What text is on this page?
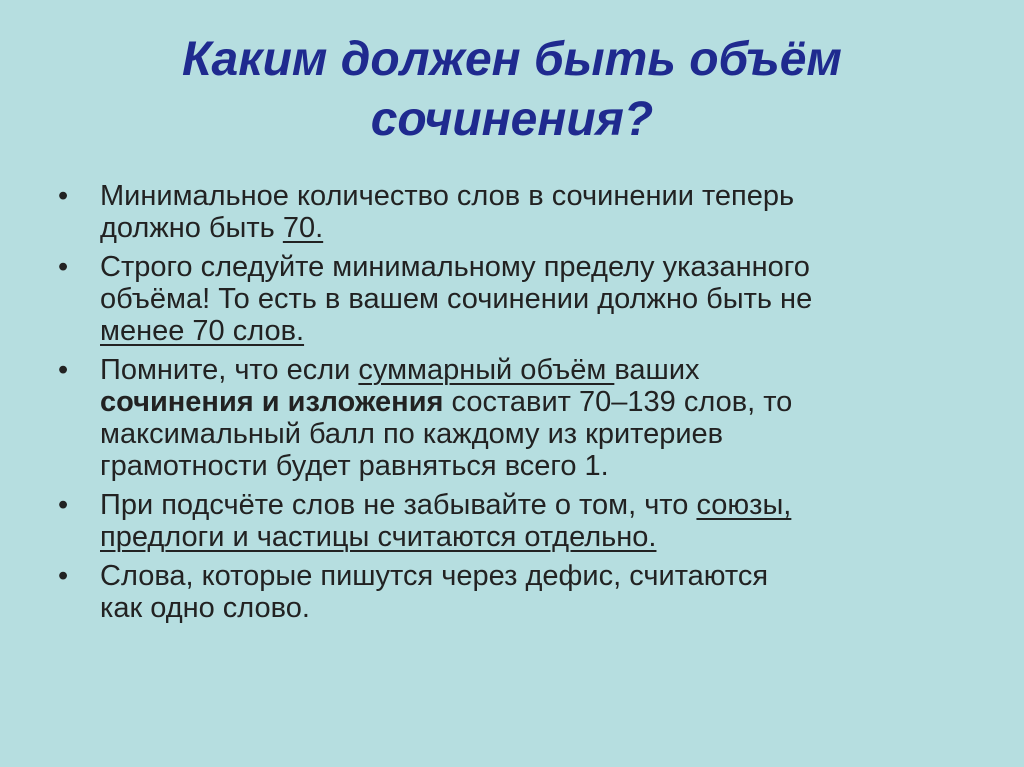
Каким должен быть объём
сочинения?
•	Минимальное количество слов в сочинении теперь
должно быть 70.
•	Строго следуйте минимальному пределу указанного
объёма! То есть в вашем сочинении должно быть не
менее 70 слов.
•	Помните, что если суммарный объём ваших
сочинения и изложения составит 70–139 слов, то
максимальный балл по каждому из критериев
грамотности будет равняться всего 1.
•	При подсчёте слов не забывайте о том, что союзы,
предлоги и частицы считаются отдельно.
•	Слова, которые пишутся через дефис, считаются
как одно слово.
